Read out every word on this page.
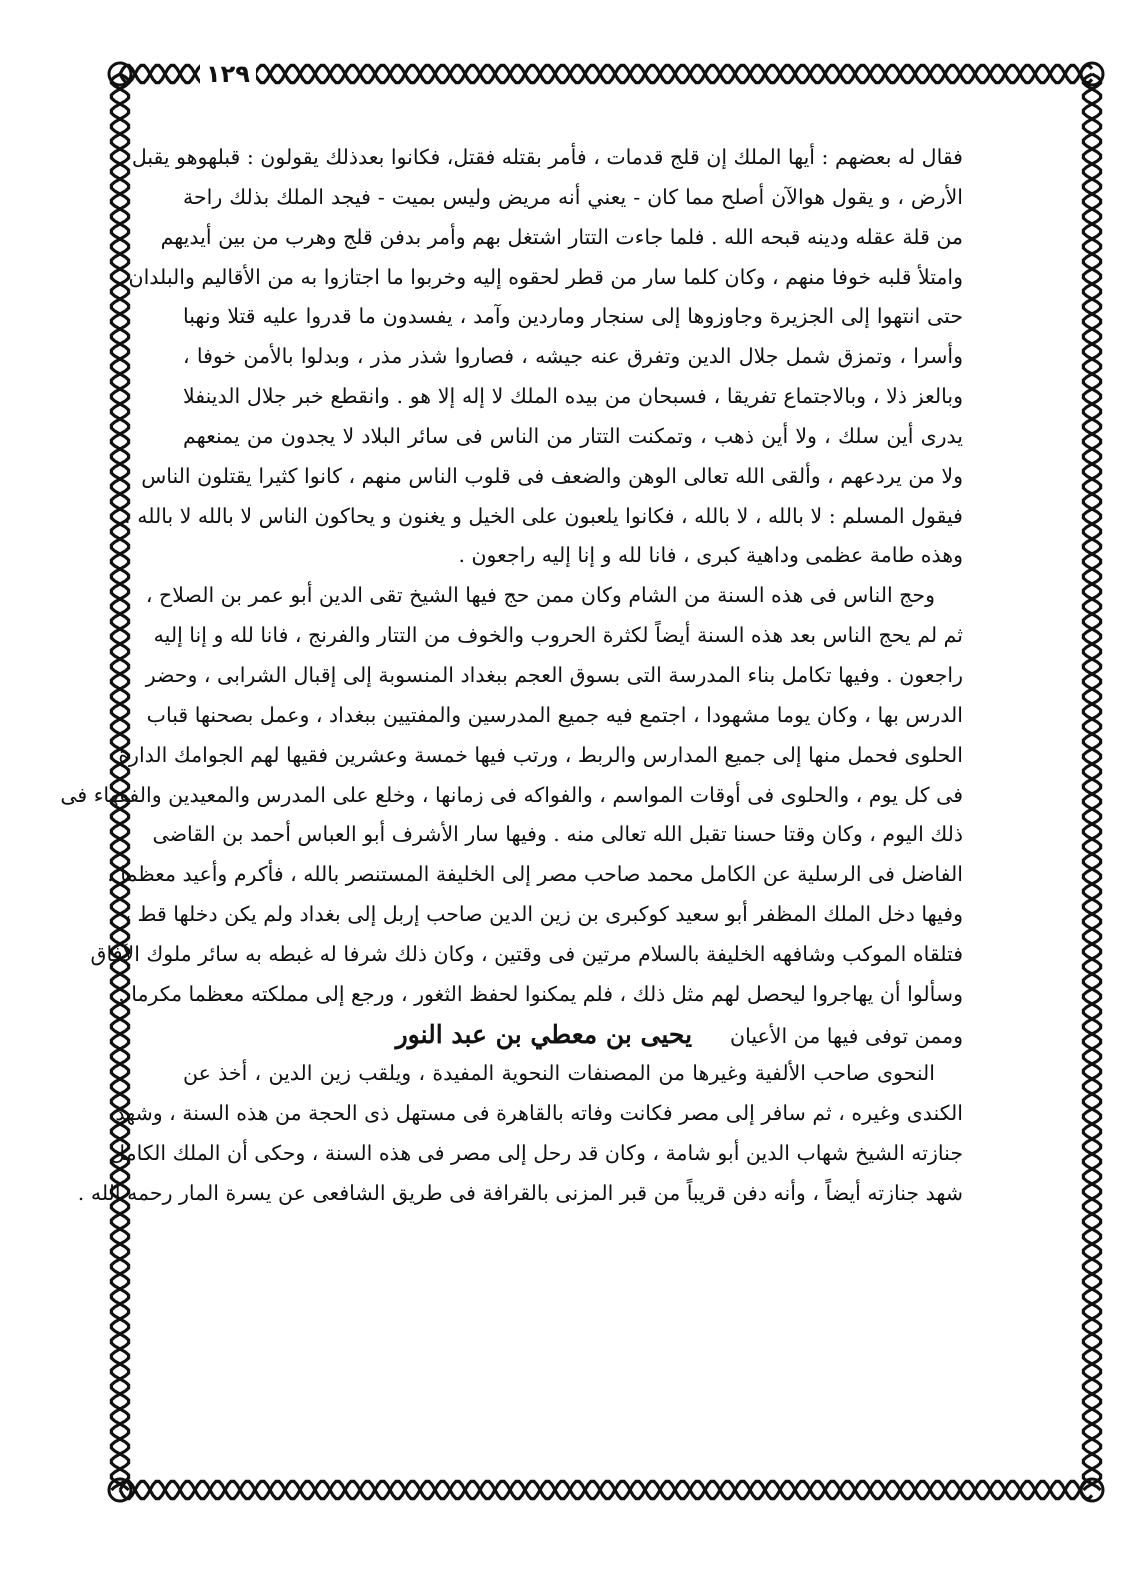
١٢٩
فقال له بعضهم : أيها الملك إن قلج قدمات ، فأمر بقتله فقتل، فكانوا بعدذلك يقولون : قبلهوهو يقبل
الأرض ، و يقول هوالآن أصلح مما كان - يعني أنه مريض وليس بميت - فيجد الملك بذلك راحة
من قلة عقله ودينه قبحه الله . فلما جاءت التتار اشتغل بهم وأمر بدفن قلج وهرب من بين أيديهم
وامتلأ قلبه خوفا منهم ، وكان كلما سار من قطر لحقوه إليه وخربوا ما اجتازوا به من الأقاليم والبلدان
حتى انتهوا إلى الجزيرة وجاوزوها إلى سنجار وماردين وآمد ، يفسدون ما قدروا عليه قتلا ونهبا
وأسرا ، وتمزق شمل جلال الدين وتفرق عنه جيشه ، فصاروا شذر مذر ، وبدلوا بالأمن خوفا ،
وبالعز ذلا ، وبالاجتماع تفريقا ، فسبحان من بيده الملك لا إله إلا هو . وانقطع خبر جلال الدينفلا
يدرى أين سلك ، ولا أين ذهب ، وتمكنت التتار من الناس فى سائر البلاد لا يجدون من يمنعهم
ولا من يردعهم ، وألقى الله تعالى الوهن والضعف فى قلوب الناس منهم ، كانوا كثيرا يقتلون الناس
فيقول المسلم : لا بالله ، لا بالله ، فكانوا يلعبون على الخيل و يغنون و يحاكون الناس لا بالله لا بالله ،
وهذه طامة عظمى وداهية كبرى ، فانا لله و إنا إليه راجعون .
وحج الناس فى هذه السنة من الشام وكان ممن حج فيها الشيخ تقى الدين أبو عمر بن الصلاح ،
ثم لم يحج الناس بعد هذه السنة أيضاً لكثرة الحروب والخوف من التتار والفرنج ، فانا لله و إنا إليه
راجعون . وفيها تكامل بناء المدرسة التى بسوق العجم ببغداد المنسوبة إلى إقبال الشرابى ، وحضر
الدرس بها ، وكان يوما مشهودا ، اجتمع فيه جميع المدرسين والمفتيين ببغداد ، وعمل بصحنها قباب
الحلوى فحمل منها إلى جميع المدارس والربط ، ورتب فيها خمسة وعشرين فقيها لهم الجوامك الدارة
فى كل يوم ، والحلوى فى أوقات المواسم ، والفواكه فى زمانها ، وخلع على المدرس والمعيدين والفقهاء فى
ذلك اليوم ، وكان وقتا حسنا تقبل الله تعالى منه . وفيها سار الأشرف أبو العباس أحمد بن القاضى
الفاضل فى الرسلية عن الكامل محمد صاحب مصر إلى الخليفة المستنصر بالله ، فأكرم وأعيد معظما .
وفيها دخل الملك المظفر أبو سعيد كوكبرى بن زين الدين صاحب إربل إلى بغداد ولم يكن دخلها قط ،
فتلقاه الموكب وشافهه الخليفة بالسلام مرتين فى وقتين ، وكان ذلك شرفا له غبطه به سائر ملوك الآفاق
وسألوا أن يهاجروا ليحصل لهم مثل ذلك ، فلم يمكنوا لحفظ الثغور ، ورجع إلى مملكته معظما مكرما .
وممن توفى فيها من الأعيان
يحيى بن معطي بن عبد النور
النحوى صاحب الألفية وغيرها من المصنفات النحوية المفيدة ، ويلقب زين الدين ، أخذ عن
الكندى وغيره ، ثم سافر إلى مصر فكانت وفاته بالقاهرة فى مستهل ذى الحجة من هذه السنة ، وشهد
جنازته الشيخ شهاب الدين أبو شامة ، وكان قد رحل إلى مصر فى هذه السنة ، وحكى أن الملك الكامل
شهد جنازته أيضاً ، وأنه دفن قريباً من قبر المزنى بالقرافة فى طريق الشافعى عن يسرة المار رحمه الله .
